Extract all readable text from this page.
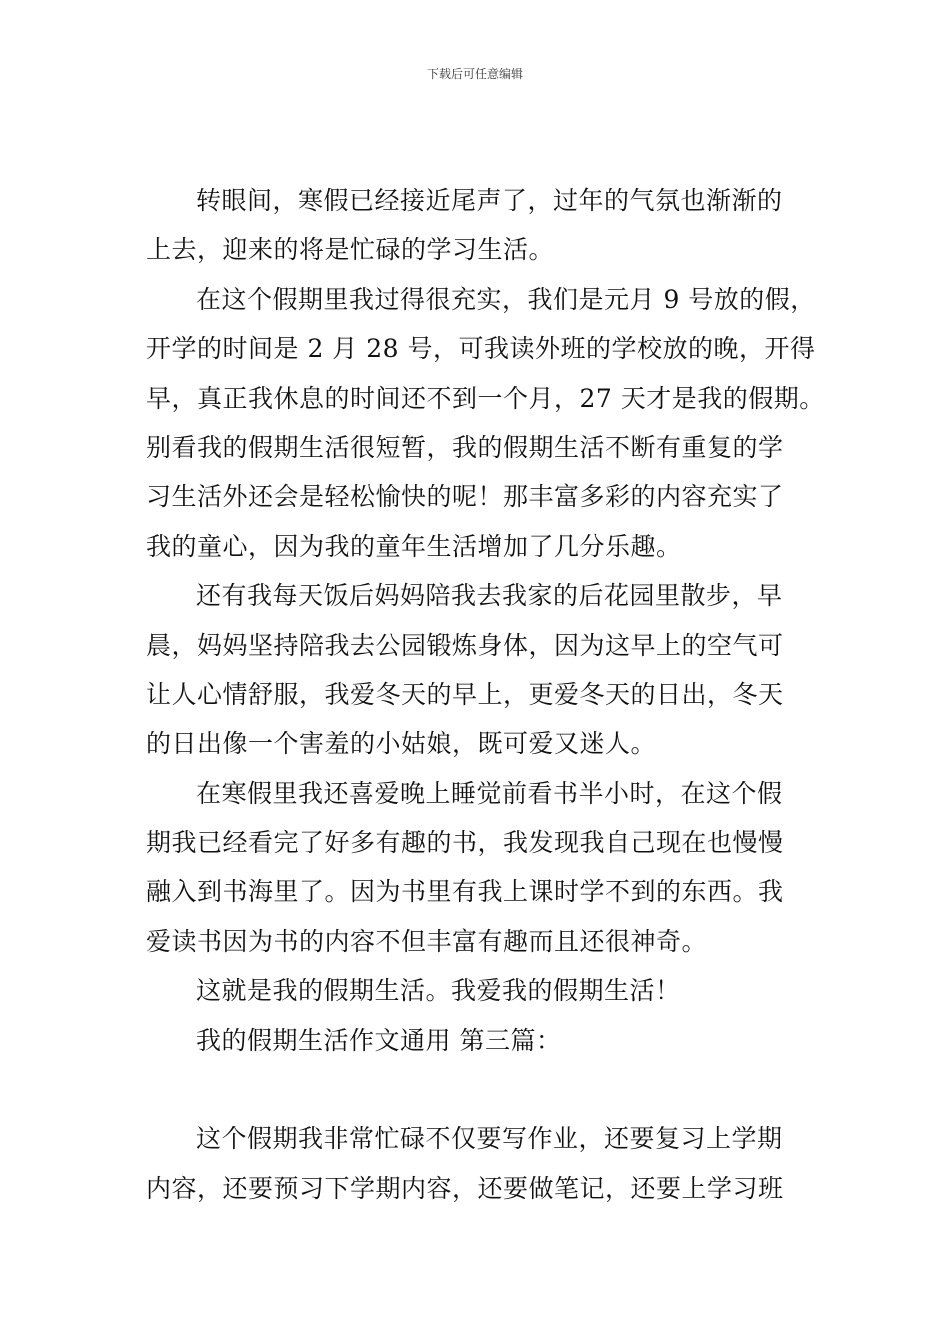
下载后可任意编辑
转眼间，寒假已经接近尾声了，过年的气氛也渐渐的
上去，迎来的将是忙碌的学习生活。
在这个假期里我过得很充实，我们是元月 9 号放的假，
开学的时间是 2 月 28 号，可我读外班的学校放的晚，开得
早，真正我休息的时间还不到一个月，27 天才是我的假期。
别看我的假期生活很短暂，我的假期生活不断有重复的学
习生活外还会是轻松愉快的呢！那丰富多彩的内容充实了
我的童心，因为我的童年生活增加了几分乐趣。
还有我每天饭后妈妈陪我去我家的后花园里散步，早
晨，妈妈坚持陪我去公园锻炼身体，因为这早上的空气可
让人心情舒服，我爱冬天的早上，更爱冬天的日出，冬天
的日出像一个害羞的小姑娘，既可爱又迷人。
在寒假里我还喜爱晚上睡觉前看书半小时，在这个假
期我已经看完了好多有趣的书，我发现我自己现在也慢慢
融入到书海里了。因为书里有我上课时学不到的东西。我
爱读书因为书的内容不但丰富有趣而且还很神奇。
这就是我的假期生活。我爱我的假期生活！
我的假期生活作文通用 第三篇：
这个假期我非常忙碌不仅要写作业，还要复习上学期
内容，还要预习下学期内容，还要做笔记，还要上学习班
